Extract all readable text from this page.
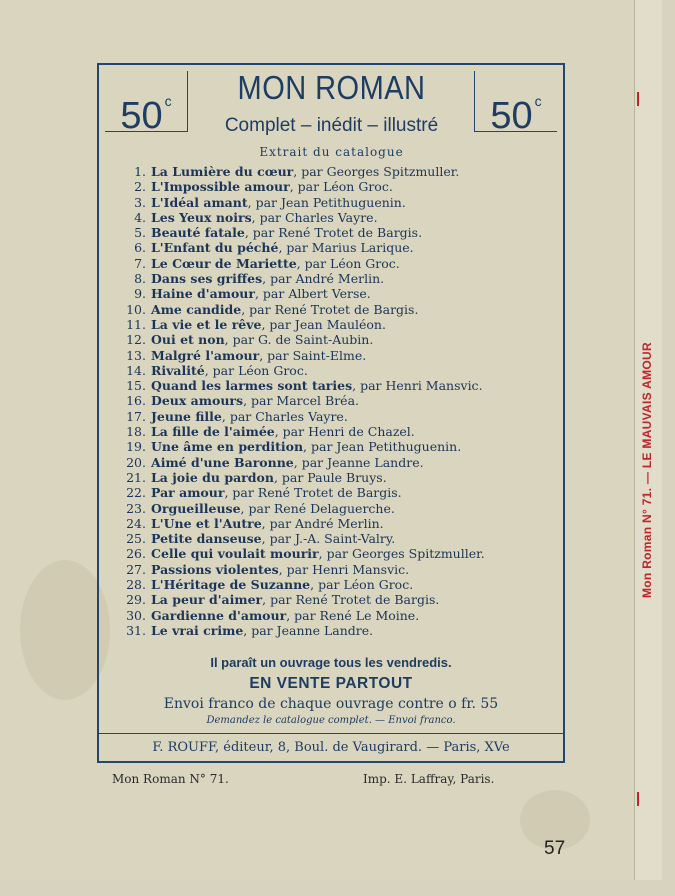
50 $^c$	50 $^c$
MON ROMAN
Complet – inédit – illustré
Extrait du catalogue
1. La Lumière du cœur, par Georges Spitzmuller.
2. L'Impossible amour, par Léon Groc.
3. L'Idéal amant, par Jean Petithuguenin.
4. Les Yeux noirs, par Charles Vayre.
5. Beauté fatale, par René Trotet de Bargis.
6. L'Enfant du péché, par Marius Larique.
7. Le Cœur de Mariette, par Léon Groc.
8. Dans ses griffes, par André Merlin.
9. Haine d'amour, par Albert Verse.
10. Ame candide, par René Trotet de Bargis.
11. La vie et le rêve, par Jean Mauléon.
12. Oui et non, par G. de Saint-Aubin.
13. Malgré l'amour, par Saint-Elme.
14. Rivalité, par Léon Groc.
15. Quand les larmes sont taries, par Henri Mansvic.
16. Deux amours, par Marcel Bréa.
17. Jeune fille, par Charles Vayre.
18. La fille de l'aimée, par Henri de Chazel.
19. Une âme en perdition, par Jean Petithuguenin.
20. Aimé d'une Baronne, par Jeanne Landre.
21. La joie du pardon, par Paule Bruys.
22. Par amour, par René Trotet de Bargis.
23. Orgueilleuse, par René Delaguerche.
24. L'Une et l'Autre, par André Merlin.
25. Petite danseuse, par J.-A. Saint-Valry.
26. Celle qui voulait mourir, par Georges Spitzmuller.
27. Passions violentes, par Henri Mansvic.
28. L'Héritage de Suzanne, par Léon Groc.
29. La peur d'aimer, par René Trotet de Bargis.
30. Gardienne d'amour, par René Le Moine.
31. Le vrai crime, par Jeanne Landre.
Il paraît un ouvrage tous les vendredis.
EN VENTE PARTOUT
Envoi franco de chaque ouvrage contre o fr. 55
Demandez le catalogue complet. — Envoi franco.
F. ROUFF, éditeur, 8, Boul. de Vaugirard. — Paris, XVe
Mon Roman N° 71.	Imp. E. Laffray, Paris.
57
Mon Roman N° 71. — LE MAUVAIS AMOUR
